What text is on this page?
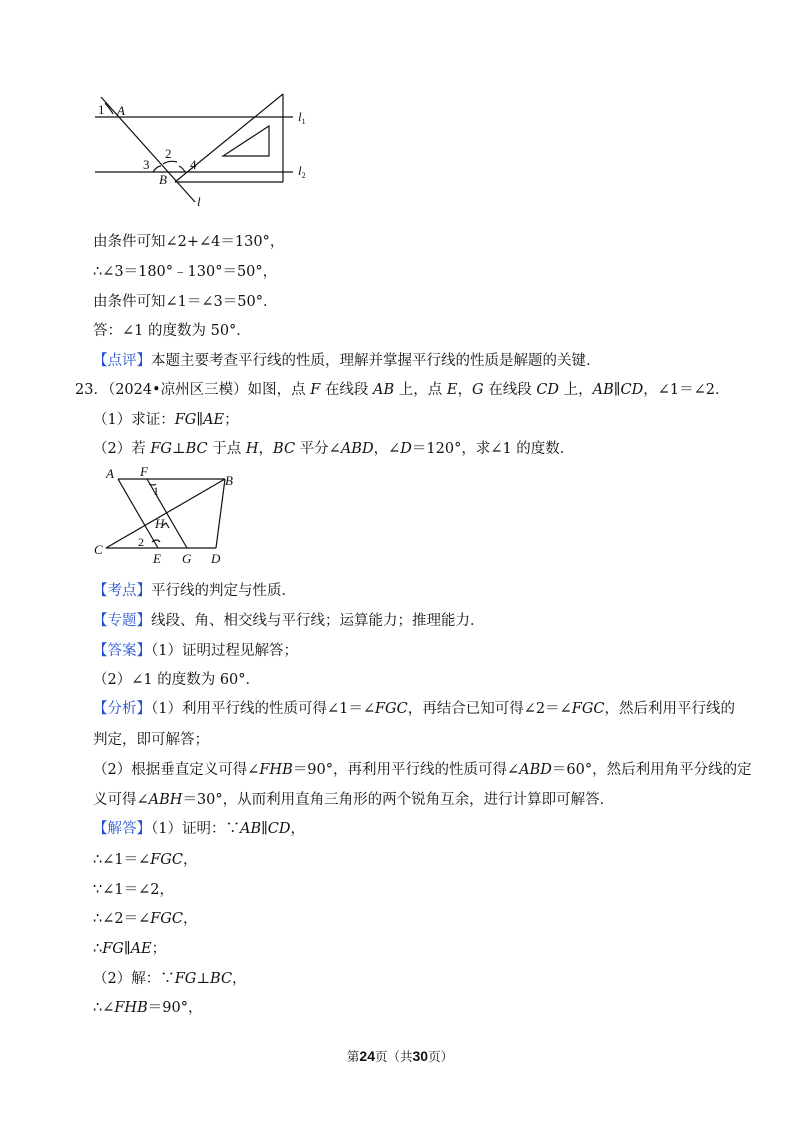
1 A	$l_1$
2
3	4
B
$l_2$
l
由条件可知∠2+∠4＝130°，
∴∠3＝180°﹣130°＝50°，
由条件可知∠1＝∠3＝50°．
答：∠1 的度数为 50°．
【点评】本题主要考查平行线的性质，理解并掌握平行线的性质是解题的关键．
23．（2024•凉州区三模）如图，点 F 在线段 AB 上，点 E，G 在线段 CD 上，AB∥CD，∠1＝∠2．
（1）求证：FG∥AE；
（2）若 FG⊥BC 于点 H，BC 平分∠ABD，∠D＝120°，求∠1 的度数．
A F
B
1
H
C	2
E G D
【考点】平行线的判定与性质．
【专题】线段、角、相交线与平行线；运算能力；推理能力．
【答案】（1）证明过程见解答；
（2）∠1 的度数为 60°．
【分析】（1）利用平行线的性质可得∠1＝∠FGC，再结合已知可得∠2＝∠FGC，然后利用平行线的
判定，即可解答；
（2）根据垂直定义可得∠FHB＝90°，再利用平行线的性质可得∠ABD＝60°，然后利用角平分线的定
义可得∠ABH＝30°，从而利用直角三角形的两个锐角互余，进行计算即可解答．
【解答】（1）证明：∵AB∥CD，
∴∠1＝∠FGC，
∵∠1＝∠2，
∴∠2＝∠FGC，
∴FG∥AE；
（2）解：∵FG⊥BC，
∴∠FHB＝90°，
第24页（共30页）
